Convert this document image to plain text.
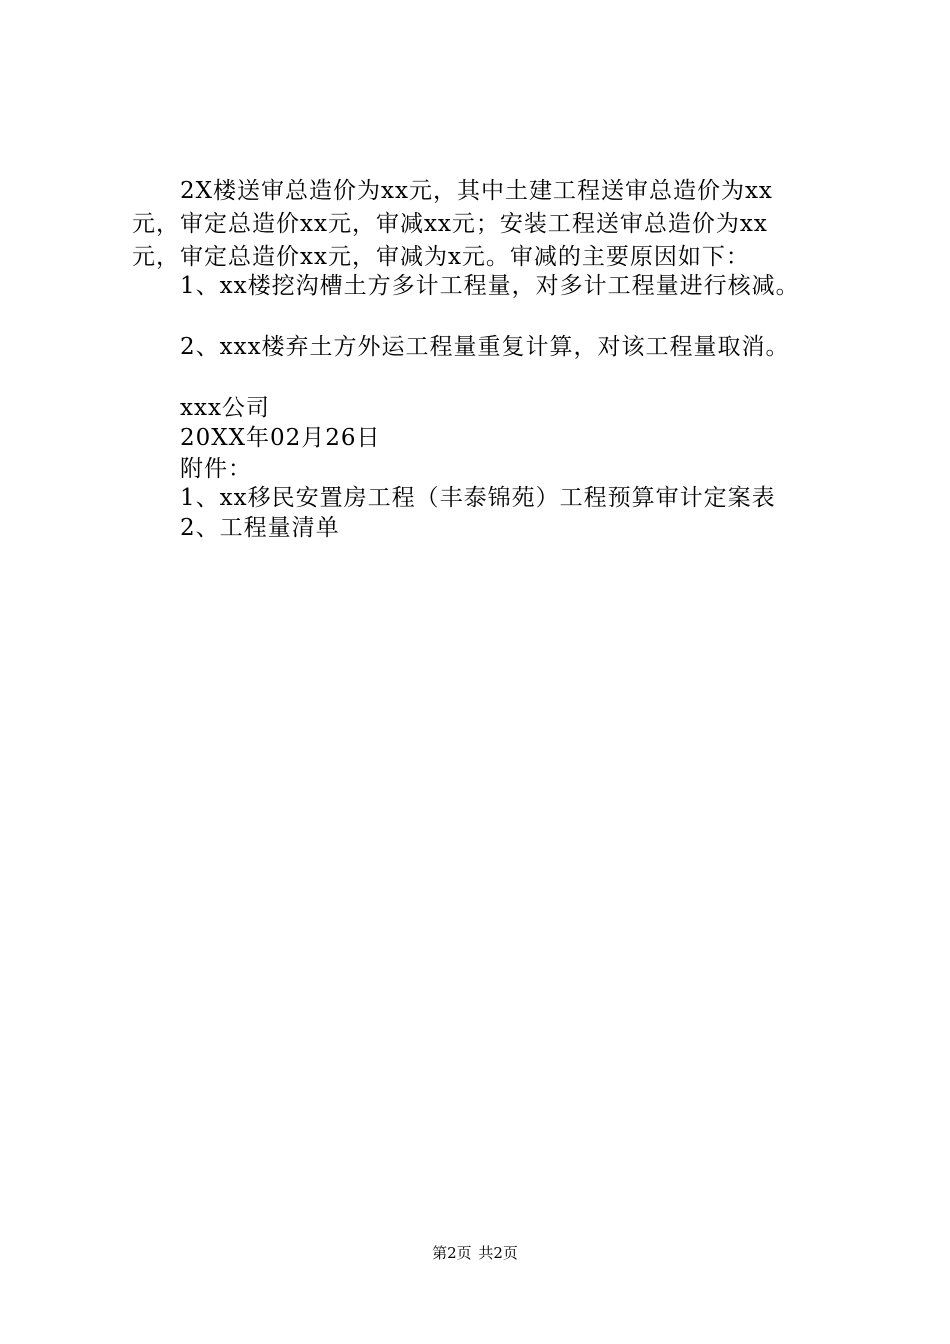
2X楼送审总造价为xx元，其中土建工程送审总造价为xx
元，审定总造价xx元，审减xx元；安装工程送审总造价为xx
元，审定总造价xx元，审减为x元。审减的主要原因如下：
1、xx楼挖沟槽土方多计工程量，对多计工程量进行核减。
2、xxx楼弃土方外运工程量重复计算，对该工程量取消。
xxx公司
20XX年02月26日
附件：
1、xx移民安置房工程（丰泰锦苑）工程预算审计定案表
2、工程量清单
第2页 共2页
